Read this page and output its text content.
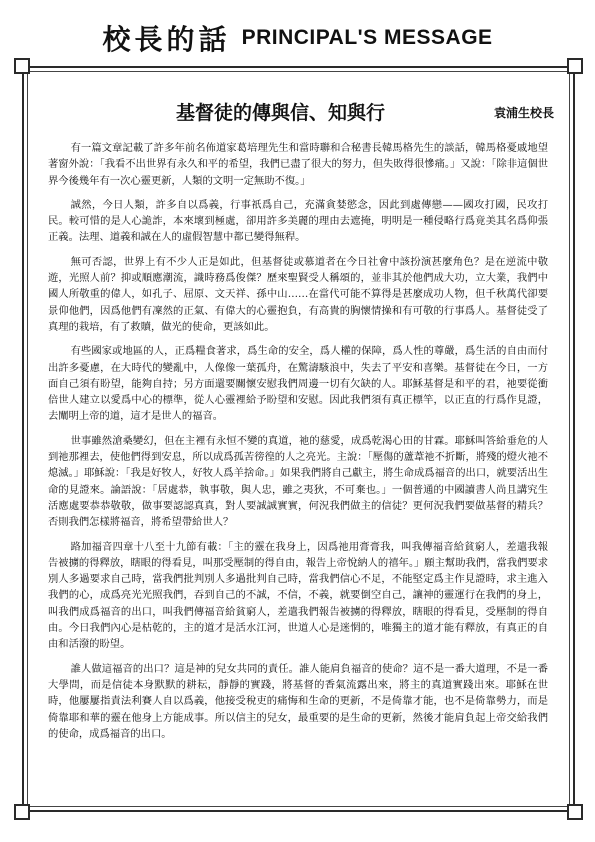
校長的話 PRINCIPAL'S MESSAGE
基督徒的傳與信、知與行	袁浦生校長

有一篇文章記載了許多年前名佈道家葛培理先生和當時聯和合秘書長韓馬格先生的談話，韓馬格憂戚地望著窗外說：「我看不出世界有永久和平的希望，我們已盡了很大的努力，但失敗得很慘痛。」又說：「除非這個世界今後幾年有一次心靈更新，人類的文明一定無助不復。」

誠然，今日人類，許多自以爲義，行事祇爲自己，充滿貪婪慾念，因此到處傳戀——國攻打國，民攻打民。較可惜的是人心詭詐，本來壞到極處，卻用許多美麗的理由去遮掩，明明是一種侵略行爲竟美其名爲仰張正義。法理、道義和誠在人的虛假智慧中都已變得無稈。

無可否認，世界上有不少人正是如此，但基督徒或慕道者在今日社會中該扮演甚麼角色？是在逆流中敬遊，光照人前？抑或順應潮流，識時務爲俊傑？歷來聖賢受人稱頌的，並非其於他們成大功，立大業，我們中國人所敬重的偉人，如孔子、屈原、文天祥、孫中山……在當代可能不算得是甚麼成功人物，但千秋萬代卻要景仰他們，因爲他們有凜然的正氣、有偉大的心靈抱負，有高貴的胸懷情操和有可敬的行事爲人。基督徒受了真理的栽培，有了救贖，做光的使命，更該如此。

有些國家或地區的人，正爲糧食著求，爲生命的安全，爲人權的保障，爲人性的尊嚴，爲生活的自由而付出許多憂慮，在大時代的變亂中，人像像一葉孤舟，在驚濤駭浪中，失去了平安和喜樂。基督徒在今日，一方面自己須有盼望，能夠自持；另方面還要關懷安慰我們周邊一切有欠缺的人。耶穌基督是和平的君，祂要從衝倍世人建立以愛爲中心的標準，從人心靈裡給予盼望和安慰。因此我們須有真正標竿，以正直的行爲作見證，去闡明上帝的道，這才是世人的福音。

世事雖然滄桑變幻，但在主裡有永恒不變的真道，祂的慈愛，成爲乾渴心田的甘霖。耶穌叫答給垂危的人到祂那裡去，使他們得到安息，所以成爲孤苦徬徨的人之亮光。主說：「壓傷的蘆葦祂不折斷，將殘的燈火祂不熄滅。」耶穌說：「我是好牧人，好牧人爲羊捨命。」如果我們將自己獻主，將生命成爲福音的出口，就要活出生命的見證來。論語說：「居處恭，執事敬，與人忠，雖之夷狄，不可棄也。」一個普通的中國讀書人尚且講究生活應處要恭恭敬敬，做事要認認真真，對人要誠誠實實，何況我們做主的信徒？更何況我們要做基督的精兵？否則我們怎樣將福音，將希望帶給世人？

路加福音四章十八至十九節有載：「主的靈在我身上，因爲祂用膏膏我，叫我傳福音給貧窮人，差遣我報告被擄的得釋放，瞎眼的得看見，叫那受壓制的得自由，報告上帝悅納人的禧年。」願主幫助我們，當我們要求別人多過要求自己時，當我們批判別人多過批判自己時，當我們信心不足，不能堅定爲主作見證時，求主進入我們的心，成爲亮光光照我們，吞到自己的不誠，不信，不義，就要倒空自己，讓神的靈運行在我們的身上，叫我們成爲福音的出口，叫我們傳福音給貧窮人，差遣我們報告被擄的得釋放，瞎眼的得看見，受壓制的得自由。今日我們內心是枯乾的，主的道才是活水江河，世道人心是迷惘的，唯獨主的道才能有釋放，有真正的自由和活潑的盼望。

誰人做這福音的出口？這是神的兒女共同的責任。誰人能肩負福音的使命？這不是一番大道理，不是一番大學問，而是信徒本身默默的耕耘，靜靜的實踐，將基督的香氣流露出來，將主的真道實踐出來。耶穌在世時，他屢屢指責法利賽人自以爲義，他接受稅吏的痛悔和生命的更新，不是倚靠才能，也不是倚靠勢力，而是倚靠耶和華的靈在他身上方能成事。所以信主的兒女，最重要的是生命的更新，然後才能肩負起上帝交給我們的使命，成爲福音的出口。
